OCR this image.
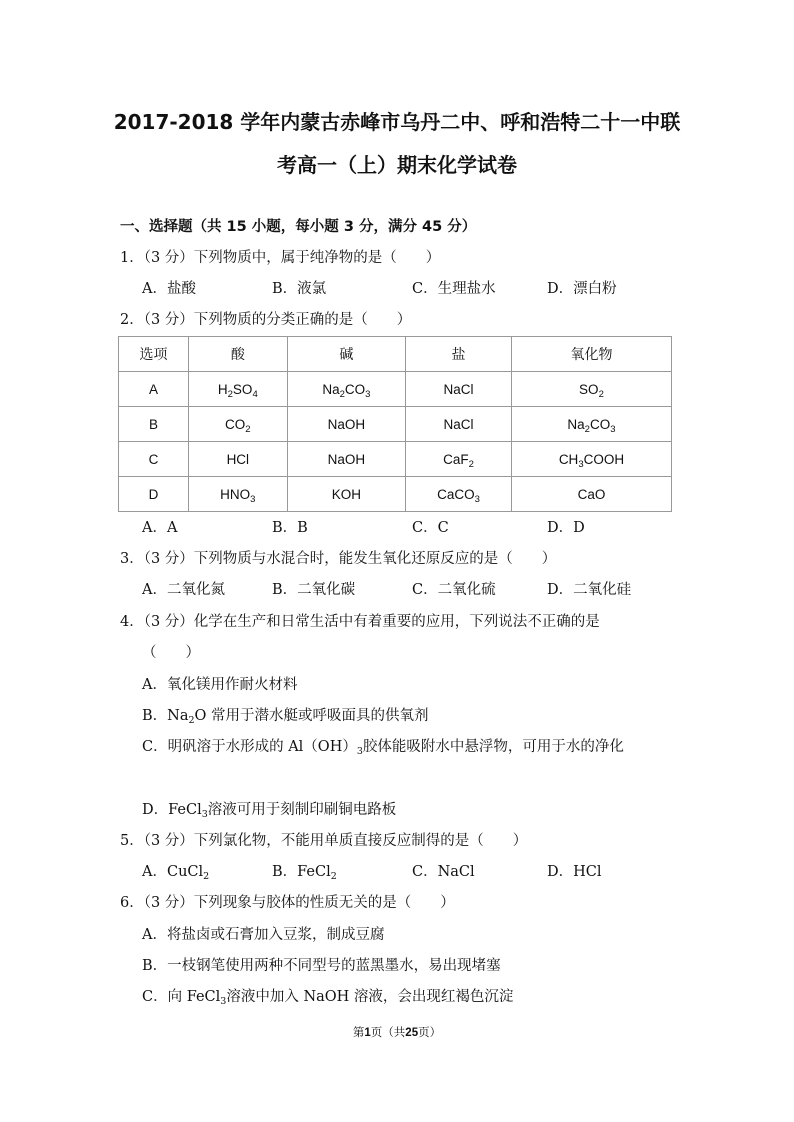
2017-2018 学年内蒙古赤峰市乌丹二中、呼和浩特二十一中联
考高一（上）期末化学试卷
一、选择题（共 15 小题，每小题 3 分，满分 45 分）
1．（3 分）下列物质中，属于纯净物的是（　　）
A．盐酸	B．液氯	C．生理盐水	D．漂白粉
2．（3 分）下列物质的分类正确的是（　　）
选项	酸	碱	盐	氧化物
A	$H_2SO_4$	$Na_2CO_3$	NaCl	$SO_2$
B	$CO_2$	NaOH	NaCl	$Na_2CO_3$
C	HCl	NaOH	CaF$_2$	$CH_3COOH$
D	$HNO_3$	KOH	CaCO$_3$	CaO
A．A	B．B	C．C	D．D
3．（3 分）下列物质与水混合时，能发生氧化还原反应的是（　　）
A．二氧化氮	B．二氧化碳	C．二氧化硫	D．二氧化硅
4．（3 分）化学在生产和日常生活中有着重要的应用，下列说法不正确的是
（　　）
A．氧化镁用作耐火材料
B．$Na_2O$ 常用于潜水艇或呼吸面具的供氧剂
C．明矾溶于水形成的 $Al(OH)_3$胶体能吸附水中悬浮物，可用于水的净化
D．FeCl$_3$溶液可用于刻制印刷铜电路板
5．（3 分）下列氯化物，不能用单质直接反应制得的是（　　）
A．CuCl$_2$	B．FeCl$_2$	C．NaCl	D．HCl
6．（3 分）下列现象与胶体的性质无关的是（　　）
A．将盐卤或石膏加入豆浆，制成豆腐
B．一枝钢笔使用两种不同型号的蓝黑墨水，易出现堵塞
C．向 FeCl$_3$溶液中加入 NaOH 溶液，会出现红褐色沉淀
第1页（共25页）
